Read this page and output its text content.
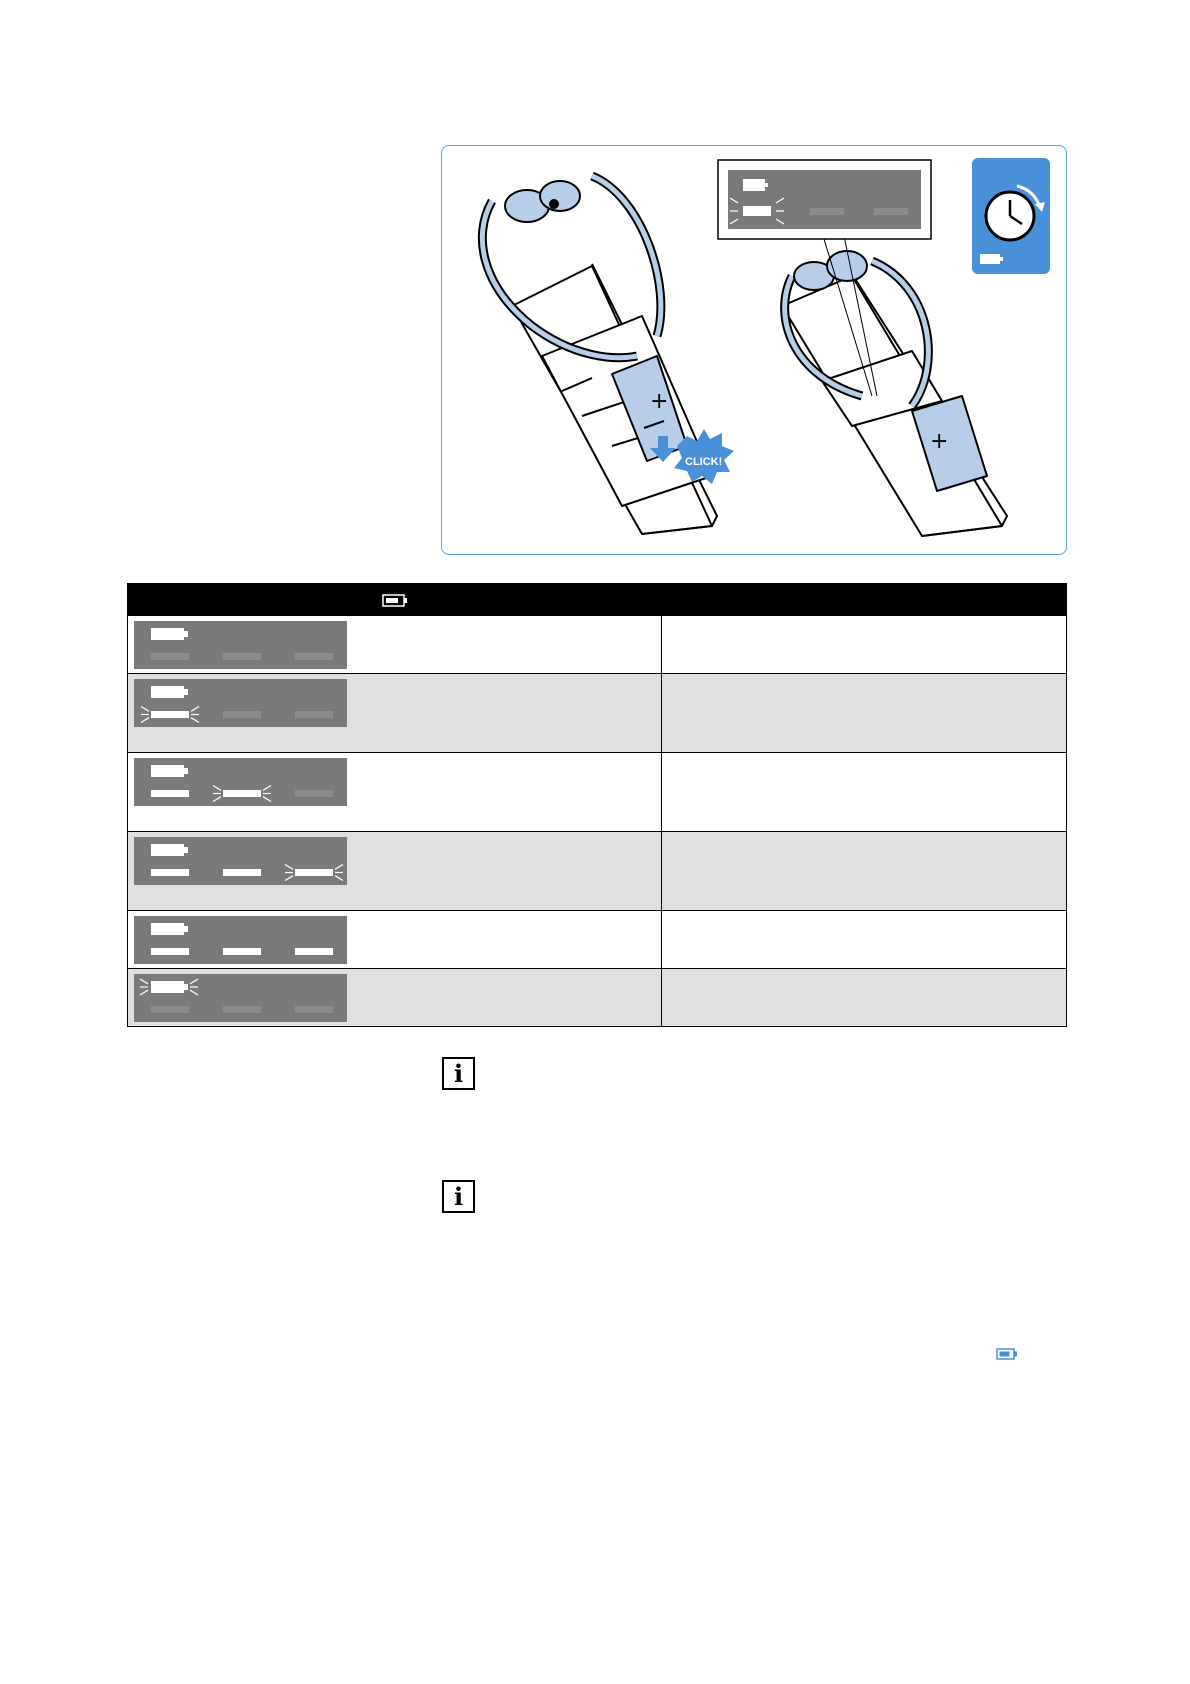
+
CLICK!
+

i
i
